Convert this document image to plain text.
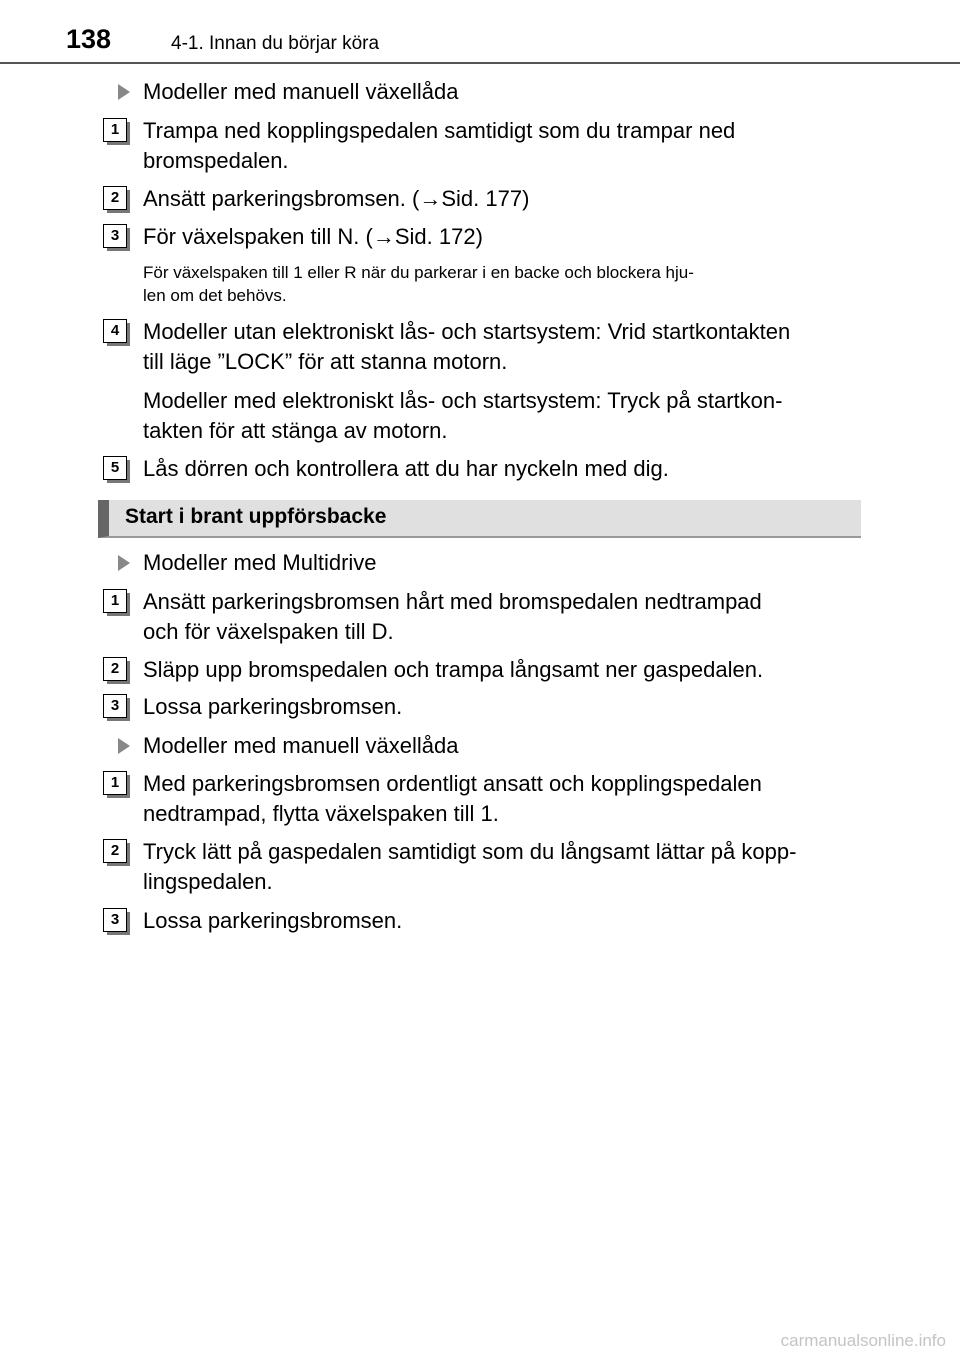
138	4-1. Innan du börjar köra
Modeller med manuell växellåda
1	Trampa ned kopplingspedalen samtidigt som du trampar ned
bromspedalen.
2	Ansätt parkeringsbromsen. (→Sid. 177)
3	För växelspaken till N. (→Sid. 172)
För växelspaken till 1 eller R när du parkerar i en backe och blockera hju-
len om det behövs.
4	Modeller utan elektroniskt lås- och startsystem: Vrid startkontakten
till läge ”LOCK” för att stanna motorn.
Modeller med elektroniskt lås- och startsystem: Tryck på startkon-
takten för att stänga av motorn.
5	Lås dörren och kontrollera att du har nyckeln med dig.
Start i brant uppförsbacke
Modeller med Multidrive
1	Ansätt parkeringsbromsen hårt med bromspedalen nedtrampad
och för växelspaken till D.
2	Släpp upp bromspedalen och trampa långsamt ner gaspedalen.
3	Lossa parkeringsbromsen.
Modeller med manuell växellåda
1	Med parkeringsbromsen ordentligt ansatt och kopplingspedalen
nedtrampad, flytta växelspaken till 1.
2	Tryck lätt på gaspedalen samtidigt som du långsamt lättar på kopp-
lingspedalen.
3	Lossa parkeringsbromsen.
carmanualsonline.info
